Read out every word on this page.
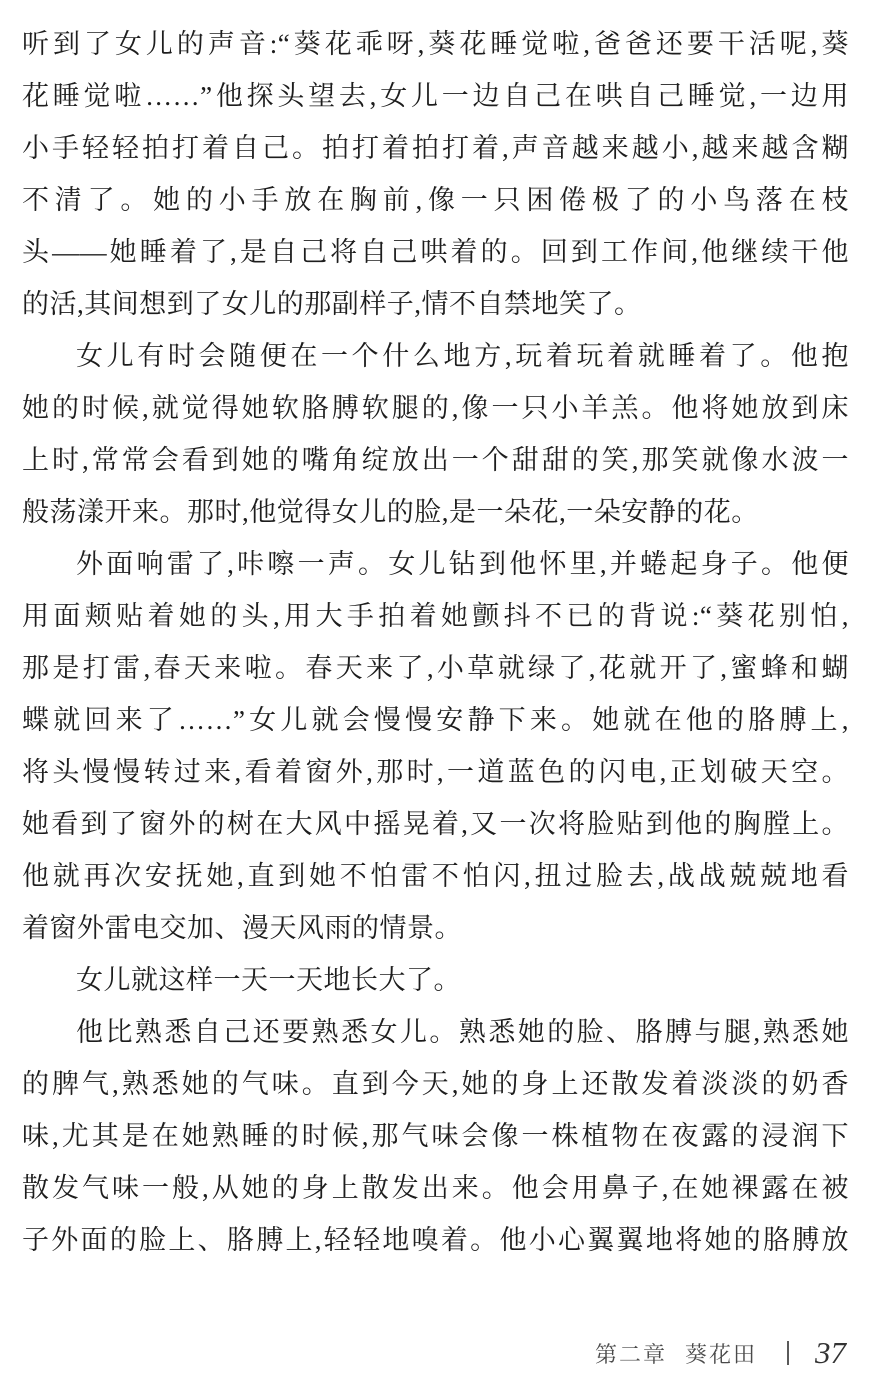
听到了女儿的声音:“葵花乖呀,葵花睡觉啦,爸爸还要干活呢,葵
花睡觉啦……”他探头望去,女儿一边自己在哄自己睡觉,一边用
小手轻轻拍打着自己。拍打着拍打着,声音越来越小,越来越含糊
不清了。她的小手放在胸前,像一只困倦极了的小鸟落在枝
头——她睡着了,是自己将自己哄着的。回到工作间,他继续干他
的活,其间想到了女儿的那副样子,情不自禁地笑了。
女儿有时会随便在一个什么地方,玩着玩着就睡着了。他抱
她的时候,就觉得她软胳膊软腿的,像一只小羊羔。他将她放到床
上时,常常会看到她的嘴角绽放出一个甜甜的笑,那笑就像水波一
般荡漾开来。那时,他觉得女儿的脸,是一朵花,一朵安静的花。
外面响雷了,咔嚓一声。女儿钻到他怀里,并蜷起身子。他便
用面颊贴着她的头,用大手拍着她颤抖不已的背说:“葵花别怕,
那是打雷,春天来啦。春天来了,小草就绿了,花就开了,蜜蜂和蝴
蝶就回来了……”女儿就会慢慢安静下来。她就在他的胳膊上,
将头慢慢转过来,看着窗外,那时,一道蓝色的闪电,正划破天空。
她看到了窗外的树在大风中摇晃着,又一次将脸贴到他的胸膛上。
他就再次安抚她,直到她不怕雷不怕闪,扭过脸去,战战兢兢地看
着窗外雷电交加、漫天风雨的情景。
女儿就这样一天一天地长大了。
他比熟悉自己还要熟悉女儿。熟悉她的脸、胳膊与腿,熟悉她
的脾气,熟悉她的气味。直到今天,她的身上还散发着淡淡的奶香
味,尤其是在她熟睡的时候,那气味会像一株植物在夜露的浸润下
散发气味一般,从她的身上散发出来。他会用鼻子,在她裸露在被
子外面的脸上、胳膊上,轻轻地嗅着。他小心翼翼地将她的胳膊放
第二章 葵花田 37
